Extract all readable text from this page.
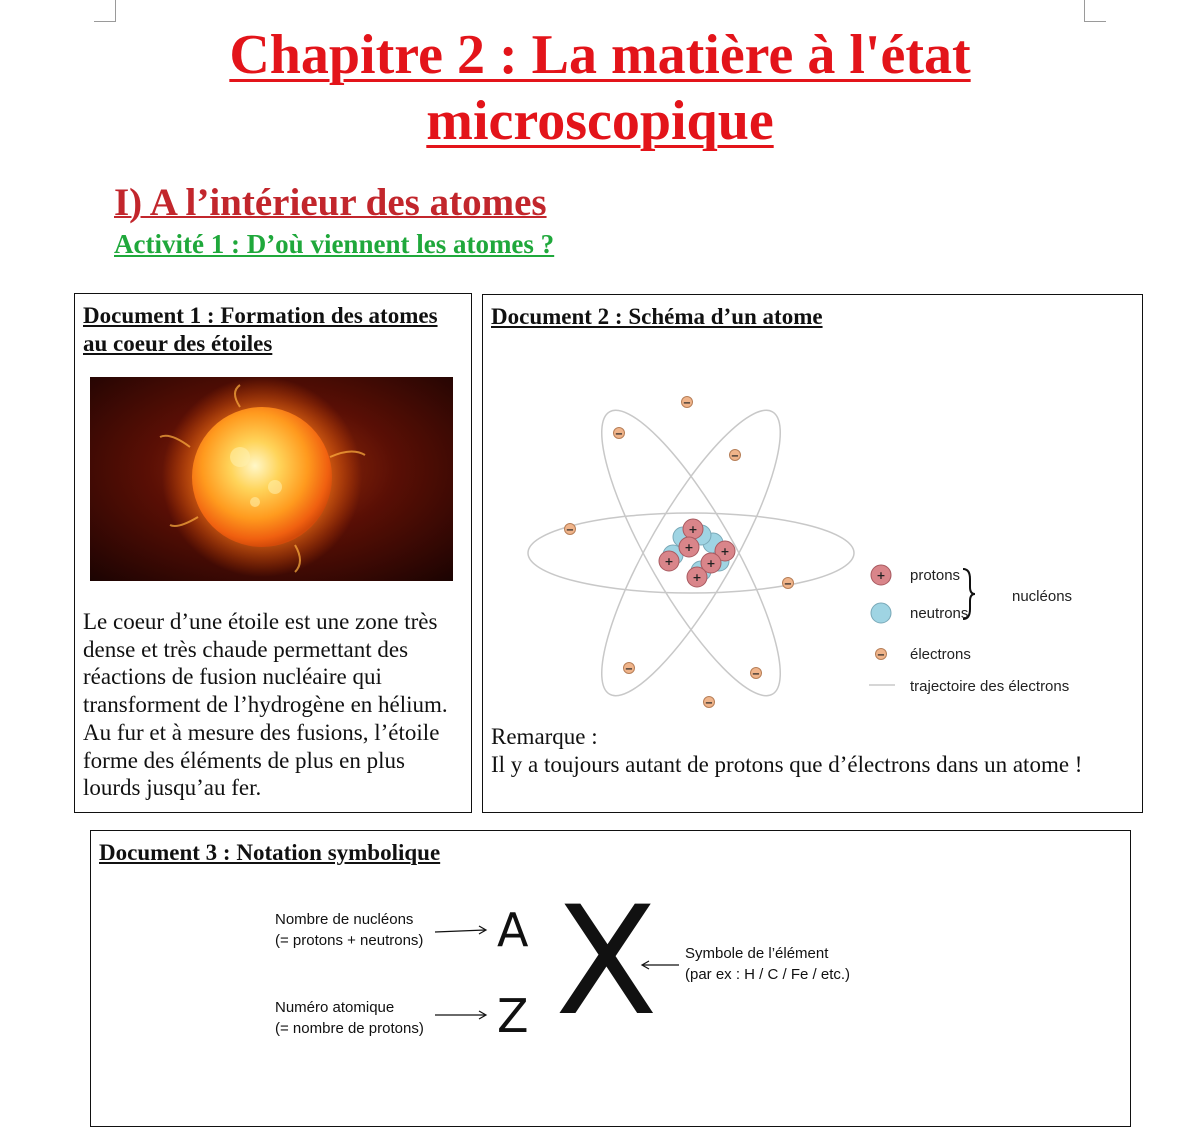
Chapitre 2 : La matière à l'état
microscopique
I) A l’intérieur des atomes
Activité 1 : D’où viennent les atomes ?
Document 1 : Formation des atomes au coeur des étoiles

Le coeur d’une étoile est une zone très dense et très chaude permettant des réactions de fusion nucléaire qui transforment de l’hydrogène en hélium. Au fur et à mesure des fusions, l’étoile forme des éléments de plus en plus lourds jusqu’au fer.

Document 2 : Schéma d’un atome
+
+
+
+
+
+
−
−
−
−
−
−	−
−
+
−
protons
neutrons
nucléons
électrons
trajectoire des électrons
Remarque :
Il y a toujours autant de protons que d’électrons dans un atome !
Document 3 : Notation symbolique
Nombre de nucléons
(= protons + neutrons)
Numéro atomique
(= nombre de protons)
Symbole de l’élément
(par ex : H / C / Fe / etc.)
A
Z X
